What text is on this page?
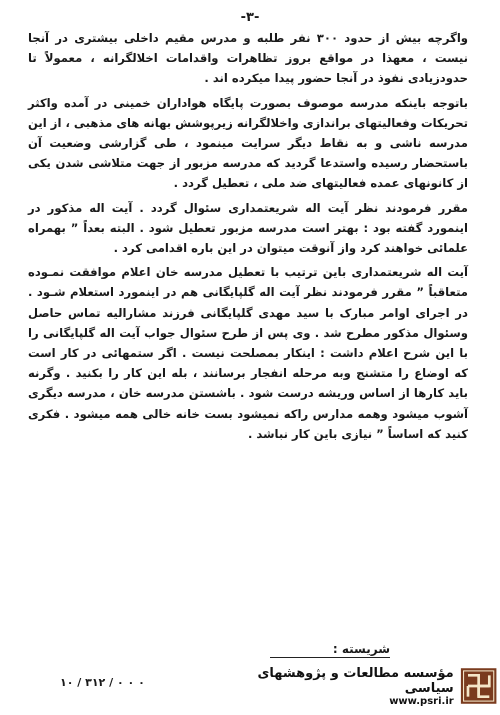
-٣-

واگرچه بیش از حدود ٣٠٠ نفر طلبه و مدرس مقیم داخلی بیشتری در آنجا نیست ، معهذا در مواقع بروز تظاهرات واقدامات اخلالگرانه ، معمولاً تا حدودزیادی نفوذ در آنجا حضور پیدا میکرده اند .

باتوجه باینکه مدرسه موصوف بصورت پایگاه هواداران خمینی در آمده واکثر تحریکات وفعالیتهای براندازی واخلالگرانه زیرپوشش بهانه های مذهبی ، از این مدرسه ناشی و به نقاط دیگر سرایت مینمود ، طی گزارشی وضعیت آن باستحضار رسیده واستدعا گردید که مدرسه مزبور از جهت متلاشی شدن یکی از کانونهای عمده فعالیتهای ضد ملی ، تعطیل گردد .

مقرر فرمودند نظر آیت اله شریعتمداری سئوال گردد . آیت اله مذکور در اینمورد گفته بود : بهتر است مدرسه مزبور تعطیل شود . البته بعداً ” بهمراه علمائی خواهند کرد واز آنوقت میتوان در این باره اقدامی کرد .

آیت اله شریعتمداری باین ترتیب با تعطیل مدرسه خان اعلام موافقت نمـوده متعاقباً ” مقرر فرمودند نظر آیت اله گلپایگانی هم در اینمورد استعلام شـود . در اجرای اوامر مبارک با سید مهدی گلپایگانی فرزند مشارالیه تماس حاصل وسئوال مذکور مطرح شد . وی پس از طرح سئوال جواب آیت اله گلپایگانی را با این شرح اعلام داشت : اینکار بمصلحت نیست . اگر ستمهائی در کار است که اوضاع را متشنج وبه مرحله انفجار برسانند ، بله این کار را بکنید . وگرنه باید کارها از اساس وریشه درست شود . باشستن مدرسه خان ، مدرسه دیگری آشوب میشود وهمه مدارس راکه نمیشود بست خانه خالی همه میشود . فکری کنید که اساساً ” نیازی باین کار نباشد .

شریسته :
۰ ۰ ۰ / ۳۱۲ / ۱۰
مؤسسه مطالعات و پژوهشهای سیاسی
www.psri.ir
